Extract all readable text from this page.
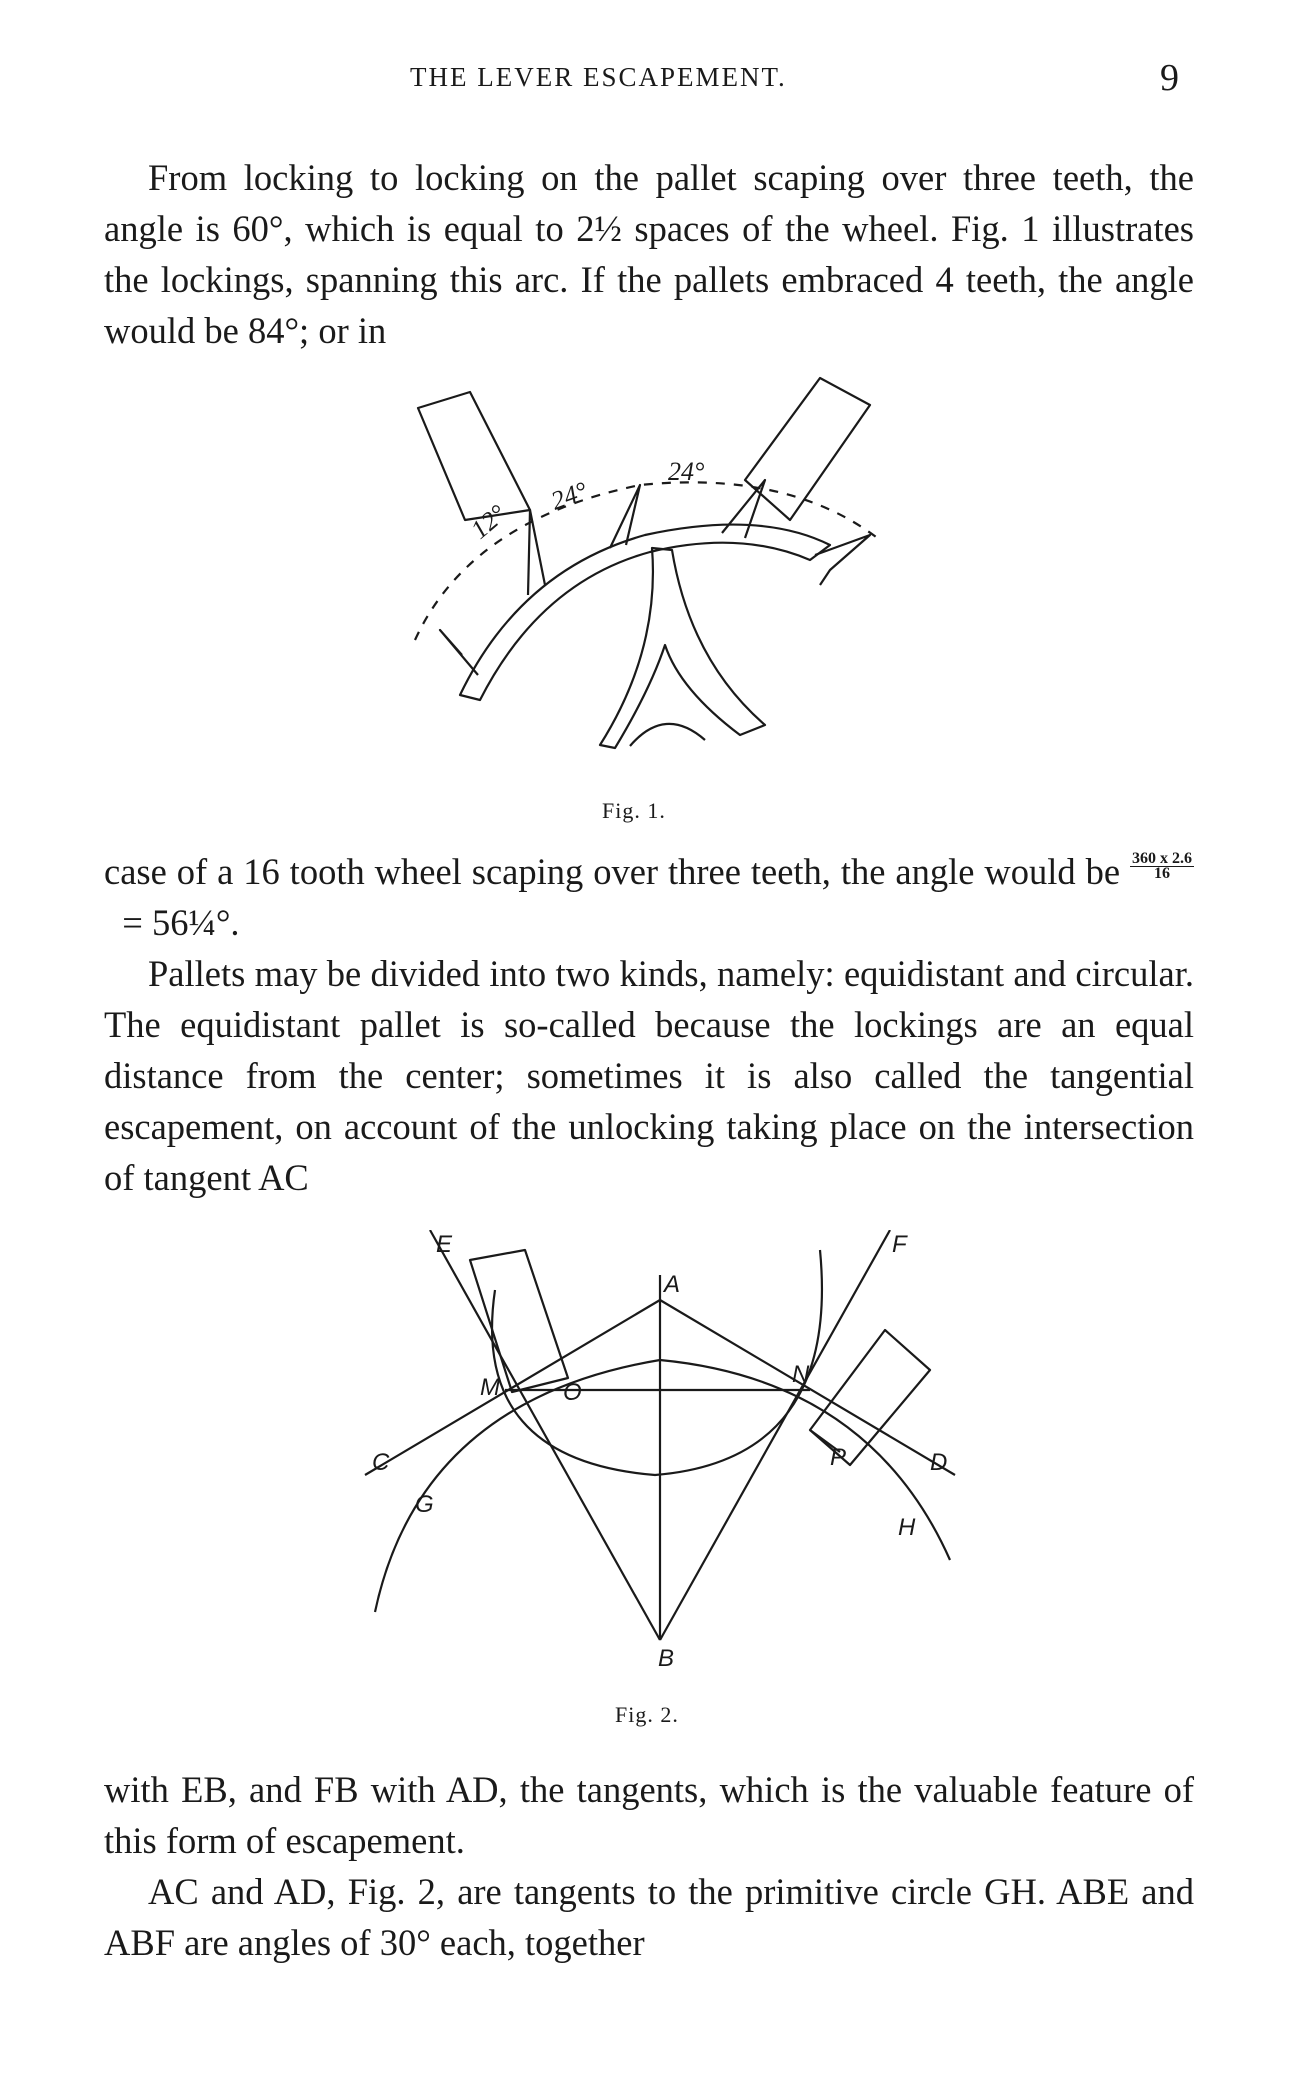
THE LEVER ESCAPEMENT.	9

From locking to locking on the pallet scaping over three teeth, the angle is 60°, which is equal to 2½ spaces of the wheel. Fig. 1 illustrates the lockings, spanning this arc. If the pallets embraced 4 teeth, the angle would be 84°; or in

12°
24°
24°
Fig. 1.

case of a 16 tooth wheel scaping over three teeth, the angle would be $\frac{360 x 2.6}{16}$
= 56¼°.

Pallets may be divided into two kinds, namely: equidistant and circular. The equidistant pallet is so-called because the lockings are an equal distance from the center; sometimes it is also called the tangential escapement, on account of the unlocking taking place on the intersection of tangent AC

E	F
A
M	O
N
C	D
P
G
H
B
Fig. 2.

with EB, and FB with AD, the tangents, which is the valuable feature of this form of escapement.

AC and AD, Fig. 2, are tangents to the primitive circle GH. ABE and ABF are angles of 30° each, together
